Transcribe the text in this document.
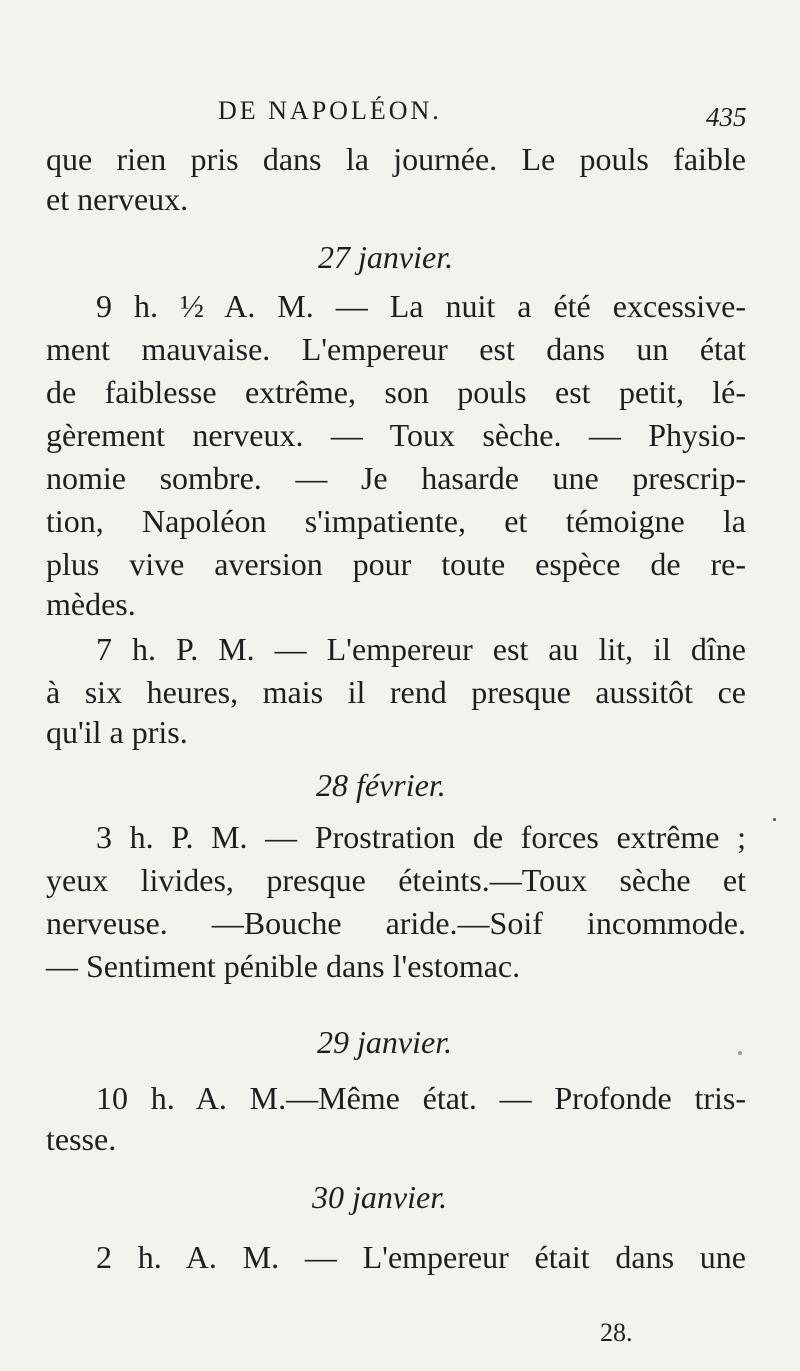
DE NAPOLÉON.	435
que rien pris dans la journée. Le pouls faible
et nerveux.
27 janvier.
9 h. ½ A. M. — La nuit a été excessive-
ment mauvaise. L'empereur est dans un état
de faiblesse extrême, son pouls est petit, lé-
gèrement nerveux. — Toux sèche. — Physio-
nomie sombre. — Je hasarde une prescrip-
tion, Napoléon s'impatiente, et témoigne la
plus vive aversion pour toute espèce de re-
mèdes.
7 h. P. M. — L'empereur est au lit, il dîne
à six heures, mais il rend presque aussitôt ce
qu'il a pris.
28 février.
3 h. P. M. — Prostration de forces extrême ;
yeux livides, presque éteints.—Toux sèche et
nerveuse. —Bouche aride.—Soif incommode.
— Sentiment pénible dans l'estomac.
29 janvier.
10 h. A. M.—Même état. — Profonde tris-
tesse.
30 janvier.
2 h. A. M. — L'empereur était dans une
28.
